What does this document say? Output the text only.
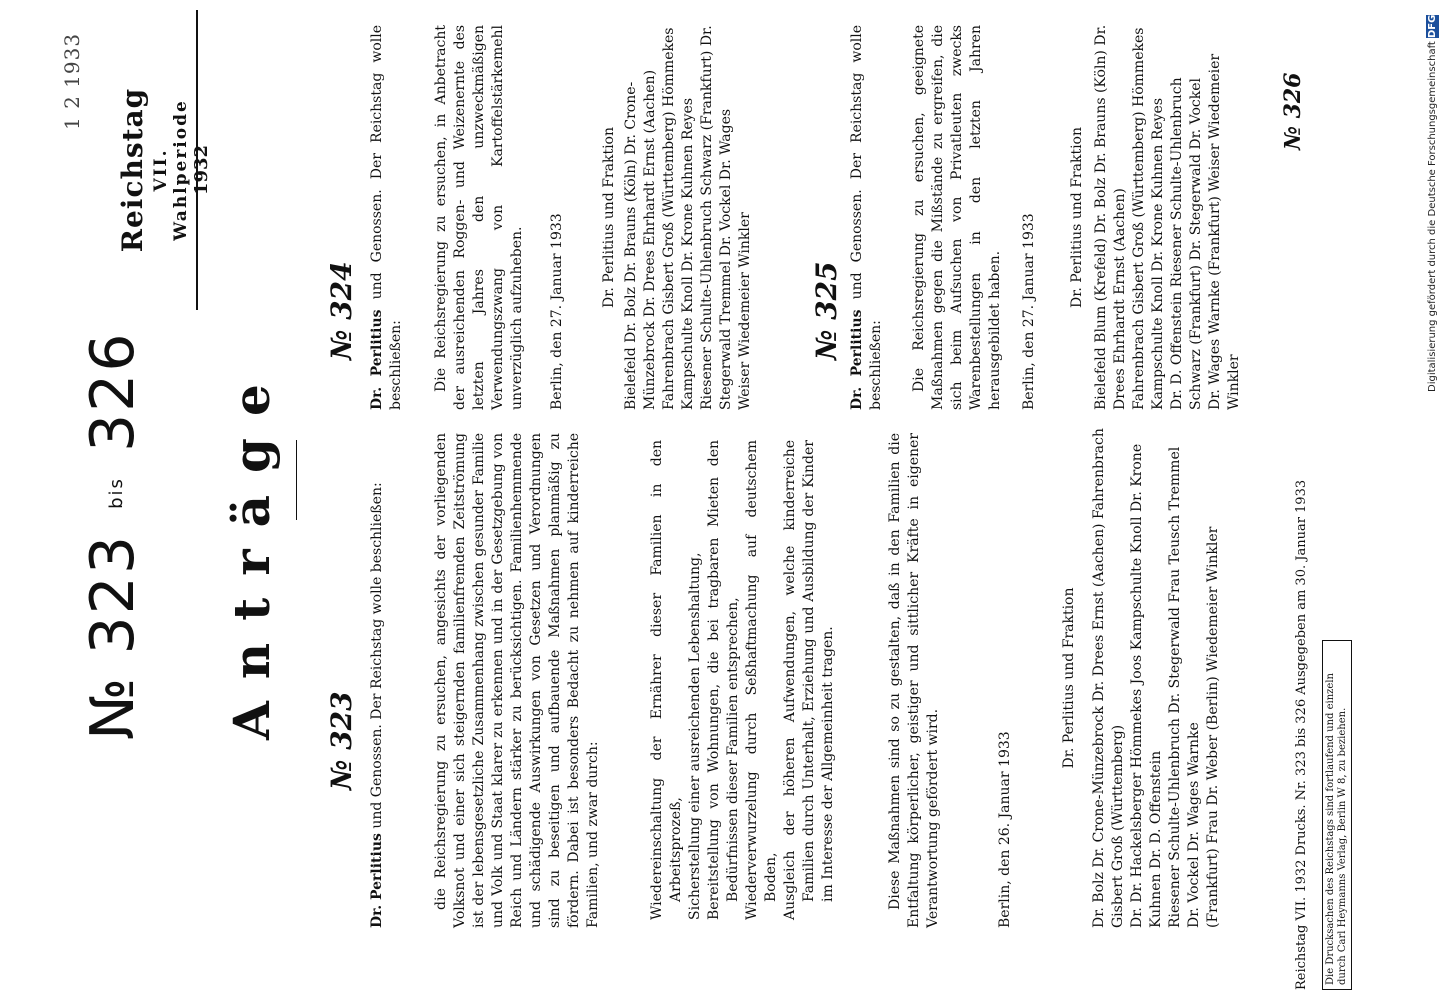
1 2 1933
Reichstag VII. Wahlperiode 1932
№ 323 bis 326 Anträge
№ 323
Dr. Perlitius und Genossen. Der Reichstag wolle beschließen:	die Reichsregierung zu ersuchen, angesichts der vorliegenden Volksnot und einer sich steigernden familienfremden Zeitströmung ist der lebensgesetzliche Zusammenhang zwischen gesunder Familie und Volk und Staat klarer zu erkennen und in der Gesetzgebung von Reich und Ländern stärker zu berücksichtigen. Familienhemmende und schädigende Auswirkungen von Gesetzen und Verordnungen sind zu beseitigen und aufbauende Maßnahmen planmäßig zu fördern. Dabei ist besonders Bedacht zu nehmen auf kinderreiche Familien, und zwar durch:	Wiedereinschaltung der Ernährer dieser Familien in den Arbeitsprozeß, Sicherstellung einer ausreichenden Lebenshaltung, Bereitstellung von Wohnungen, die bei tragbaren Mieten den Bedürfnissen dieser Familien entsprechen, Wiederverwurzelung durch Seßhaftmachung auf deutschem Boden, Ausgleich der höheren Aufwendungen, welche kinderreiche Familien durch Unterhalt, Erziehung und Ausbildung der Kinder im Interesse der Allgemeinheit tragen.	Diese Maßnahmen sind so zu gestalten, daß in den Familien die Entfaltung körperlicher, geistiger und sittlicher Kräfte in eigener Verantwortung gefördert wird.	Berlin, den 26. Januar 1933
Dr. Perlitius und Fraktion Dr. Bolz Dr. Crone-Münzebrock Dr. Drees Ernst (Aachen) Fahrenbrach Gisbert Groß (Württemberg) Dr. Dr. Hackelsberger Hömmekes Joos Kampschulte Knoll Dr. Krone Kuhnen Dr. D. Offenstein Riesener Schulte-Uhlenbruch Dr. Stegerwald Frau Teusch Tremmel Dr. Vockel Dr. Wages Warnke (Frankfurt) Frau Dr. Weber (Berlin) Wiedemeier Winkler
№ 324 Dr. Perlitius und Genossen. Der Reichstag wolle beschließen: Die Reichsregierung zu ersuchen, in Anbetracht der ausreichenden Roggen- und Weizenernte des letzten Jahres den unzweckmäßigen Verwendungszwang von Kartoffelstärkemehl unverzüglich aufzuheben. Berlin, den 27. Januar 1933	Dr. Perlitius und Fraktion Bielefeld Dr. Bolz Dr. Brauns (Köln) Dr. Crone-Münzebrock Dr. Drees Ehrhardt Ernst (Aachen) Fahrenbrach Gisbert Groß (Württemberg) Hömmekes Kampschulte Knoll Dr. Krone Kuhnen Reyes Riesener Schulte-Uhlenbruch Schwarz (Frankfurt) Dr. Stegerwald Tremmel Dr. Vockel Dr. Wages Weiser Wiedemeier Winkler № 325 Dr. Perlitius und Genossen. Der Reichstag wolle beschließen: Die Reichsregierung zu ersuchen, geeignete Maßnahmen gegen die Mißstände zu ergreifen, die sich beim Aufsuchen von Privatleuten zwecks Warenbestellungen in den letzten Jahren herausgebildet haben. Berlin, den 27. Januar 1933 Dr. Perlitius und Fraktion Bielefeld Blum (Krefeld) Dr. Bolz Dr. Brauns (Köln) Dr. Drees Ehrhardt Ernst (Aachen) Fahrenbrach Gisbert Groß (Württemberg) Hömmekes Kampschulte Knoll Dr. Krone Kuhnen Reyes Dr. D. Offenstein Riesener Schulte-Uhlenbruch Schwarz (Frankfurt) Dr. Stegerwald Dr. Vockel Dr. Wages Warnke (Frankfurt) Weiser Wiedemeier Winkler
Reichstag VII. 1932 Drucks. Nr. 323 bis 326 Ausgegeben am 30. Januar 1933	Die Drucksachen des Reichstags sind fortlaufend und einzeln durch Carl Heymanns Verlag, Berlin W 8, zu beziehen.
№ 326	Digitalisierung gefördert durch die Deutsche Forschungsgemeinschaft DFG
